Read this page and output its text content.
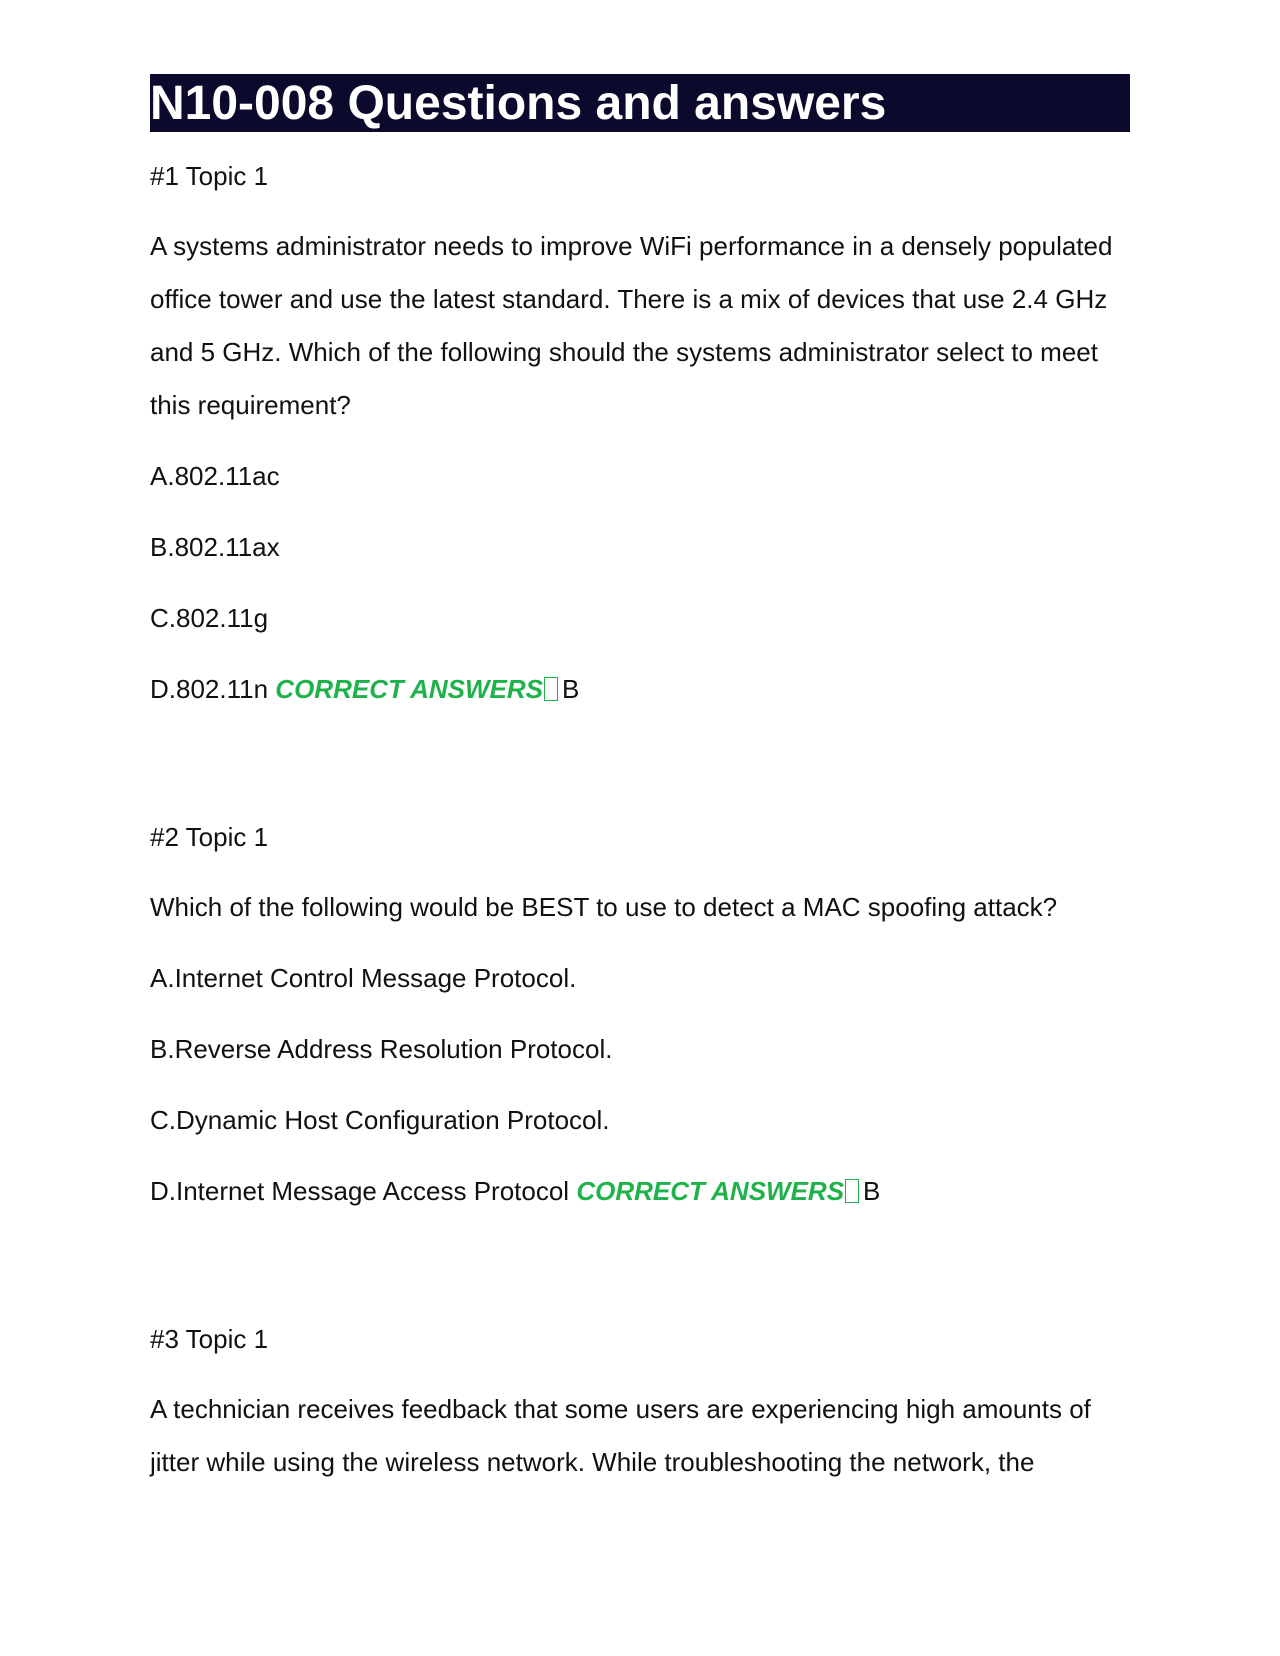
N10-008 Questions and answers
#1 Topic 1
A systems administrator needs to improve WiFi performance in a densely populated office tower and use the latest standard. There is a mix of devices that use 2.4 GHz and 5 GHz. Which of the following should the systems administrator select to meet this requirement?
A.802.11ac
B.802.11ax
C.802.11g
D.802.11n CORRECT ANSWERS B
#2 Topic 1
Which of the following would be BEST to use to detect a MAC spoofing attack?
A.Internet Control Message Protocol.
B.Reverse Address Resolution Protocol.
C.Dynamic Host Configuration Protocol.
D.Internet Message Access Protocol CORRECT ANSWERS B
#3 Topic 1
A technician receives feedback that some users are experiencing high amounts of jitter while using the wireless network. While troubleshooting the network, the
